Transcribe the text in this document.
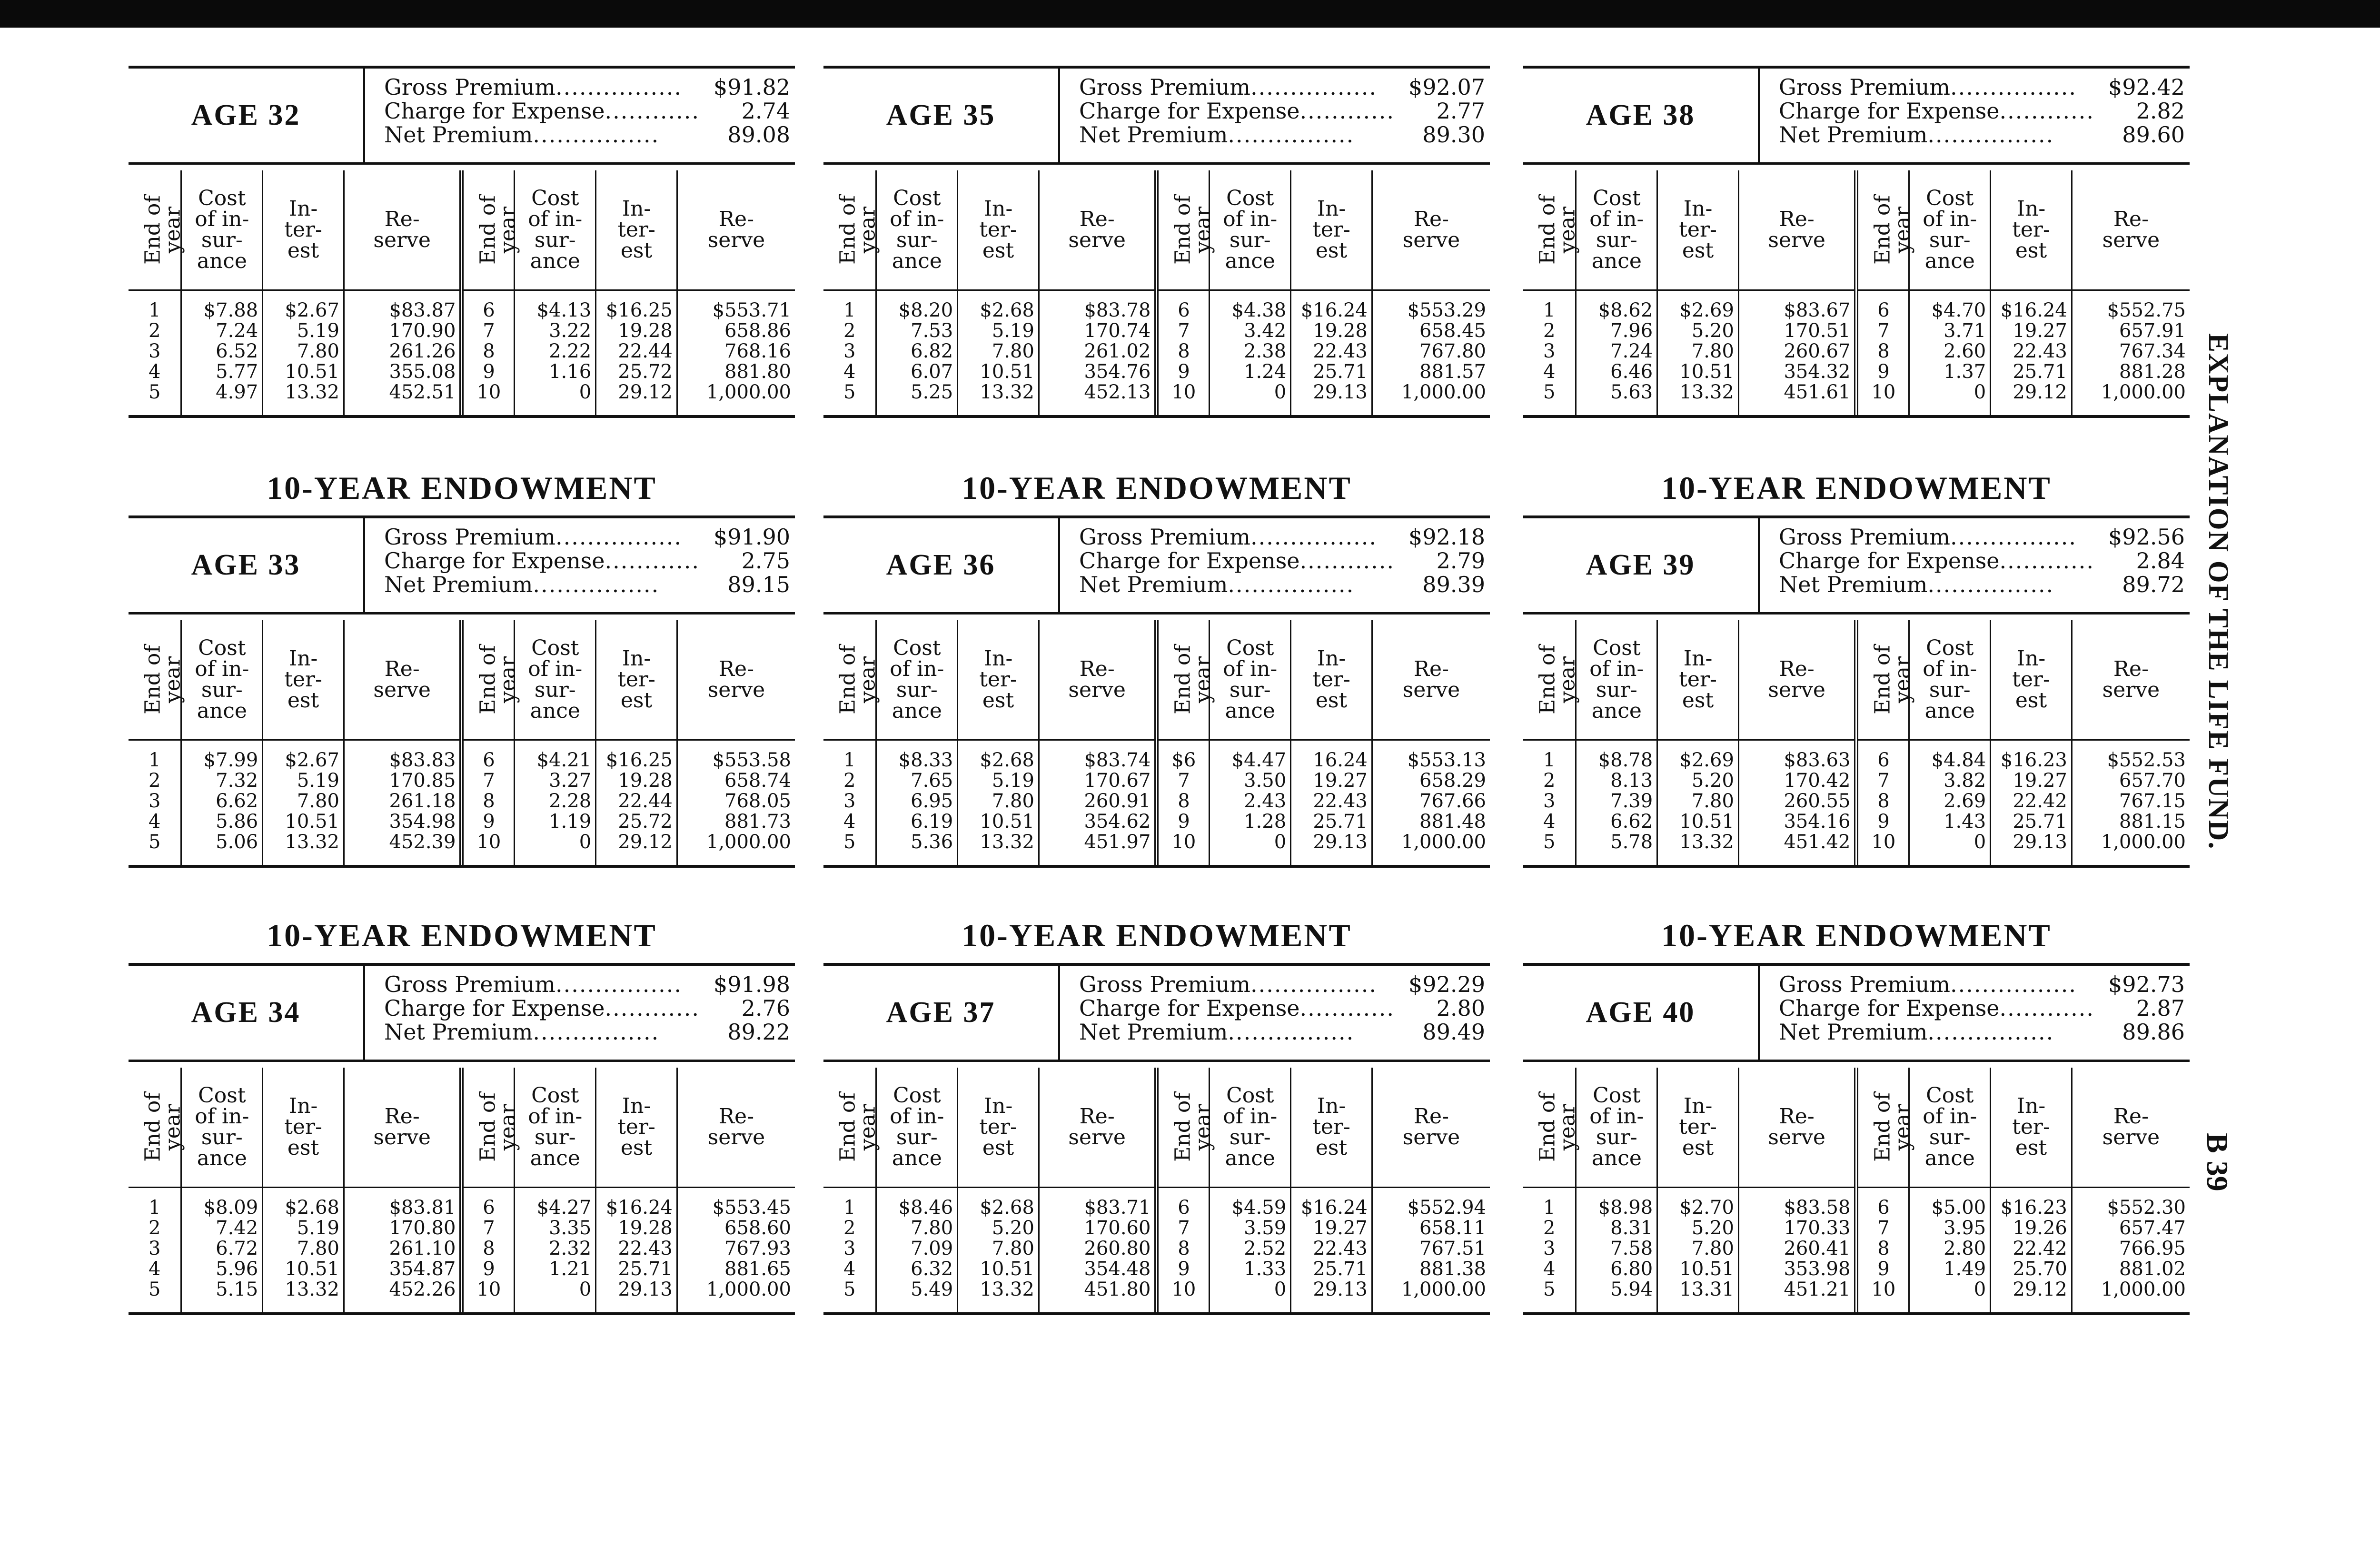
AGE 32
Gross Premium ................	$91.82
Charge for Expense ............	2.74
Net Premium ................	89.08
End of
year	Cost
of in-
sur-
ance	In-
ter-
est	Re-
serve	End of
year	Cost
of in-
sur-
ance	In-
ter-
est	Re-
serve
1	$7.88	$2.67	$83.87	6	$4.13	$16.25	$553.71
2	7.24	5.19	170.90	7	3.22	19.28	658.86
3	6.52	7.80	261.26	8	2.22	22.44	768.16
4	5.77	10.51	355.08	9	1.16	25.72	881.80
5	4.97	13.32	452.51	10	0	29.12	1,000.00
AGE 35
Gross Premium ................	$92.07
Charge for Expense ............	2.77
Net Premium ................	89.30
End of
year	Cost
of in-
sur-
ance	In-
ter-
est	Re-
serve	End of
year	Cost
of in-
sur-
ance	In-
ter-
est	Re-
serve
1	$8.20	$2.68	$83.78	6	$4.38	$16.24	$553.29
2	7.53	5.19	170.74	7	3.42	19.28	658.45
3	6.82	7.80	261.02	8	2.38	22.43	767.80
4	6.07	10.51	354.76	9	1.24	25.71	881.57
5	5.25	13.32	452.13	10	0	29.13	1,000.00
AGE 38
Gross Premium ................	$92.42
Charge for Expense ............	2.82
Net Premium ................	89.60
End of
year	Cost
of in-
sur-
ance	In-
ter-
est	Re-
serve	End of
year	Cost
of in-
sur-
ance	In-
ter-
est	Re-
serve
1	$8.62	$2.69	$83.67	6	$4.70	$16.24	$552.75
2	7.96	5.20	170.51	7	3.71	19.27	657.91
3	7.24	7.80	260.67	8	2.60	22.43	767.34
4	6.46	10.51	354.32	9	1.37	25.71	881.28
5	5.63	13.32	451.61	10	0	29.12	1,000.00
10-YEAR ENDOWMENT
AGE 33
Gross Premium ................	$91.90
Charge for Expense ............	2.75
Net Premium ................	89.15
End of
year	Cost
of in-
sur-
ance	In-
ter-
est	Re-
serve	End of
year	Cost
of in-
sur-
ance	In-
ter-
est	Re-
serve
1	$7.99	$2.67	$83.83	6	$4.21	$16.25	$553.58
2	7.32	5.19	170.85	7	3.27	19.28	658.74
3	6.62	7.80	261.18	8	2.28	22.44	768.05
4	5.86	10.51	354.98	9	1.19	25.72	881.73
5	5.06	13.32	452.39	10	0	29.12	1,000.00
10-YEAR ENDOWMENT
AGE 36
Gross Premium ................	$92.18
Charge for Expense ............	2.79
Net Premium ................	89.39
End of
year	Cost
of in-
sur-
ance	In-
ter-
est	Re-
serve	End of
year	Cost
of in-
sur-
ance	In-
ter-
est	Re-
serve
1	$8.33	$2.68	$83.74	$6	$4.47	16.24	$553.13
2	7.65	5.19	170.67	7	3.50	19.27	658.29
3	6.95	7.80	260.91	8	2.43	22.43	767.66
4	6.19	10.51	354.62	9	1.28	25.71	881.48
5	5.36	13.32	451.97	10	0	29.13	1,000.00
10-YEAR ENDOWMENT
AGE 39
Gross Premium ................	$92.56
Charge for Expense ............	2.84
Net Premium ................	89.72
End of
year	Cost
of in-
sur-
ance	In-
ter-
est	Re-
serve	End of
year	Cost
of in-
sur-
ance	In-
ter-
est	Re-
serve
1	$8.78	$2.69	$83.63	6	$4.84	$16.23	$552.53
2	8.13	5.20	170.42	7	3.82	19.27	657.70
3	7.39	7.80	260.55	8	2.69	22.42	767.15
4	6.62	10.51	354.16	9	1.43	25.71	881.15
5	5.78	13.32	451.42	10	0	29.13	1,000.00
10-YEAR ENDOWMENT
AGE 34
Gross Premium ................	$91.98
Charge for Expense ............	2.76
Net Premium ................	89.22
End of
year	Cost
of in-
sur-
ance	In-
ter-
est	Re-
serve	End of
year	Cost
of in-
sur-
ance	In-
ter-
est	Re-
serve
1	$8.09	$2.68	$83.81	6	$4.27	$16.24	$553.45
2	7.42	5.19	170.80	7	3.35	19.28	658.60
3	6.72	7.80	261.10	8	2.32	22.43	767.93
4	5.96	10.51	354.87	9	1.21	25.71	881.65
5	5.15	13.32	452.26	10	0	29.13	1,000.00
10-YEAR ENDOWMENT
AGE 37
Gross Premium ................	$92.29
Charge for Expense ............	2.80
Net Premium ................	89.49
End of
year	Cost
of in-
sur-
ance	In-
ter-
est	Re-
serve	End of
year	Cost
of in-
sur-
ance	In-
ter-
est	Re-
serve
1	$8.46	$2.68	$83.71	6	$4.59	$16.24	$552.94
2	7.80	5.20	170.60	7	3.59	19.27	658.11
3	7.09	7.80	260.80	8	2.52	22.43	767.51
4	6.32	10.51	354.48	9	1.33	25.71	881.38
5	5.49	13.32	451.80	10	0	29.13	1,000.00
10-YEAR ENDOWMENT
AGE 40
Gross Premium ................	$92.73
Charge for Expense ............	2.87
Net Premium ................	89.86
End of
year	Cost
of in-
sur-
ance	In-
ter-
est	Re-
serve	End of
year	Cost
of in-
sur-
ance	In-
ter-
est	Re-
serve
1	$8.98	$2.70	$83.58	6	$5.00	$16.23	$552.30
2	8.31	5.20	170.33	7	3.95	19.26	657.47
3	7.58	7.80	260.41	8	2.80	22.42	766.95
4	6.80	10.51	353.98	9	1.49	25.70	881.02
5	5.94	13.31	451.21	10	0	29.12	1,000.00
EXPLANATION OF THE LIFE FUND.
B 39
